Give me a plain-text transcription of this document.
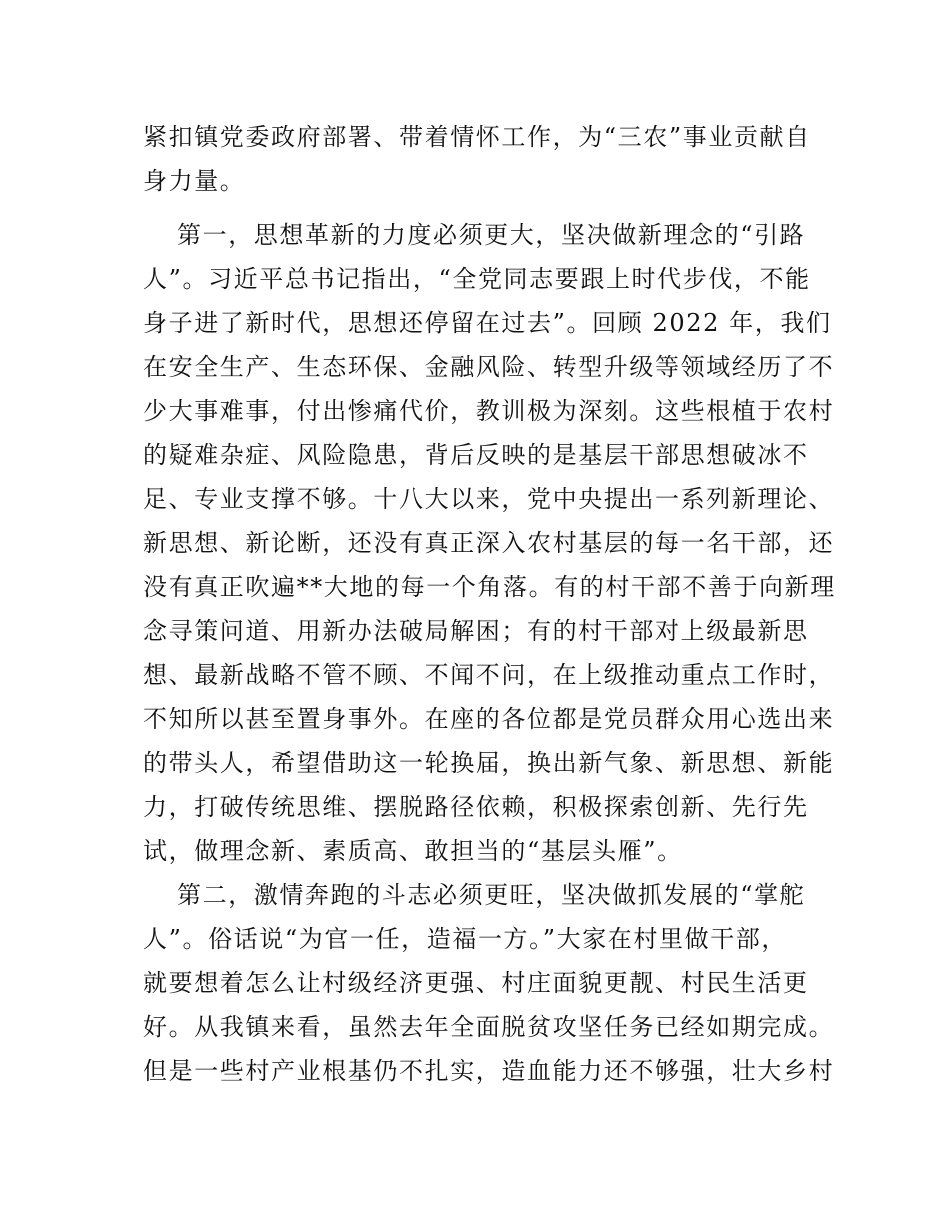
紧扣镇党委政府部署、带着情怀工作，为“三农”事业贡献自
身力量。
第一，思想革新的力度必须更大，坚决做新理念的“引路
人”。习近平总书记指出，“全党同志要跟上时代步伐，不能
身子进了新时代，思想还停留在过去”。回顾 2022 年，我们
在安全生产、生态环保、金融风险、转型升级等领域经历了不
少大事难事，付出惨痛代价，教训极为深刻。这些根植于农村
的疑难杂症、风险隐患，背后反映的是基层干部思想破冰不
足、专业支撑不够。十八大以来，党中央提出一系列新理论、
新思想、新论断，还没有真正深入农村基层的每一名干部，还
没有真正吹遍**大地的每一个角落。有的村干部不善于向新理
念寻策问道、用新办法破局解困；有的村干部对上级最新思
想、最新战略不管不顾、不闻不问，在上级推动重点工作时，
不知所以甚至置身事外。在座的各位都是党员群众用心选出来
的带头人，希望借助这一轮换届，换出新气象、新思想、新能
力，打破传统思维、摆脱路径依赖，积极探索创新、先行先
试，做理念新、素质高、敢担当的“基层头雁”。
第二，激情奔跑的斗志必须更旺，坚决做抓发展的“掌舵
人”。俗话说“为官一任，造福一方。”大家在村里做干部，
就要想着怎么让村级经济更强、村庄面貌更靓、村民生活更
好。从我镇来看，虽然去年全面脱贫攻坚任务已经如期完成。
但是一些村产业根基仍不扎实，造血能力还不够强，壮大乡村
